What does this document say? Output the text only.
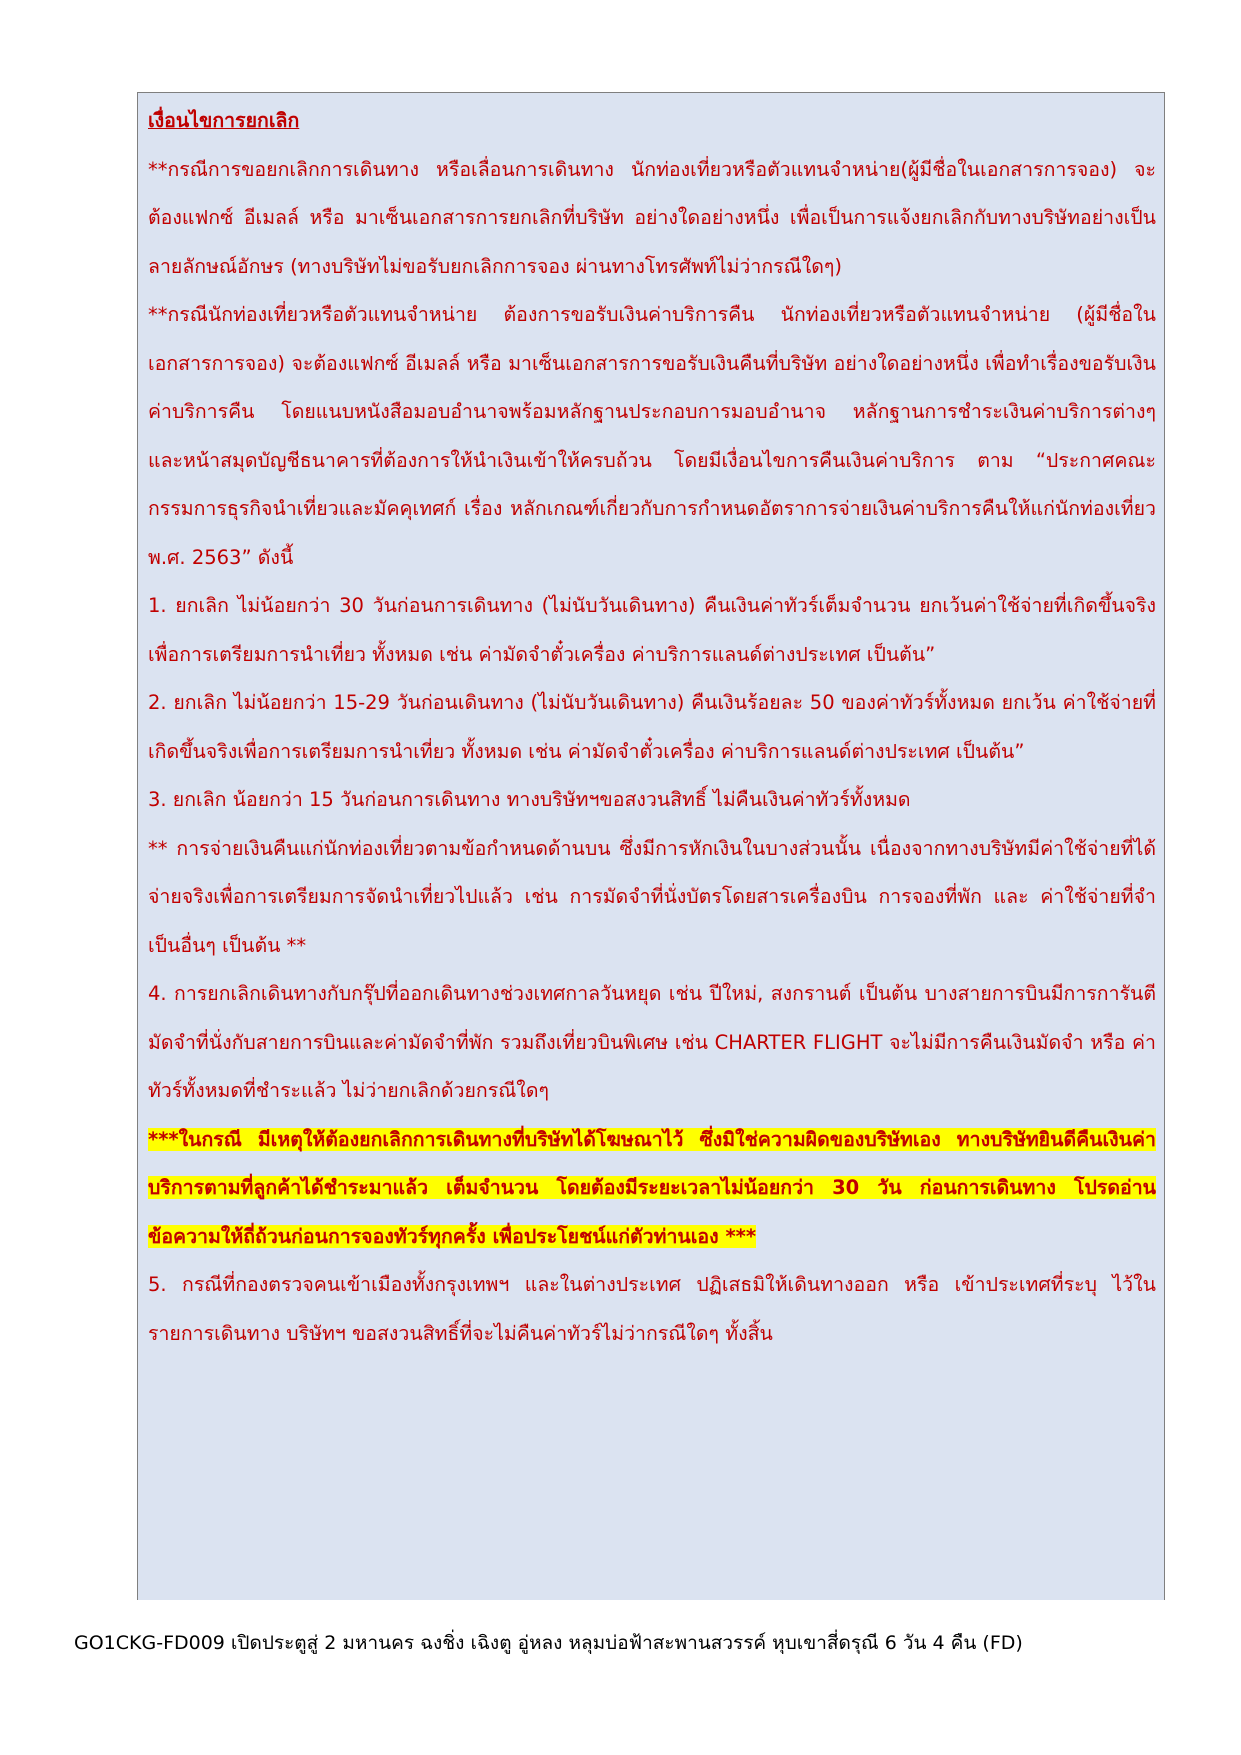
เงื่อนไขการยกเลิก

**กรณีการขอยกเลิกการเดินทาง หรือเลื่อนการเดินทาง นักท่องเที่ยวหรือตัวแทนจำหน่าย(ผู้มีชื่อในเอกสารการจอง) จะต้องแฟกซ์ อีเมลล์ หรือ มาเซ็นเอกสารการยกเลิกที่บริษัท อย่างใดอย่างหนึ่ง เพื่อเป็นการแจ้งยกเลิกกับทางบริษัทอย่างเป็นลายลักษณ์อักษร (ทางบริษัทไม่ขอรับยกเลิกการจอง ผ่านทางโทรศัพท์ไม่ว่ากรณีใดๆ)

**กรณีนักท่องเที่ยวหรือตัวแทนจำหน่าย ต้องการขอรับเงินค่าบริการคืน นักท่องเที่ยวหรือตัวแทนจำหน่าย (ผู้มีชื่อในเอกสารการจอง) จะต้องแฟกซ์ อีเมลล์ หรือ มาเซ็นเอกสารการขอรับเงินคืนที่บริษัท อย่างใดอย่างหนึ่ง เพื่อทำเรื่องขอรับเงินค่าบริการคืน โดยแนบหนังสือมอบอำนาจพร้อมหลักฐานประกอบการมอบอำนาจ หลักฐานการชำระเงินค่าบริการต่างๆ และหน้าสมุดบัญชีธนาคารที่ต้องการให้นำเงินเข้าให้ครบถ้วน โดยมีเงื่อนไขการคืนเงินค่าบริการ ตาม “ประกาศคณะกรรมการธุรกิจนำเที่ยวและมัคคุเทศก์ เรื่อง หลักเกณฑ์เกี่ยวกับการกำหนดอัตราการจ่ายเงินค่าบริการคืนให้แก่นักท่องเที่ยว พ.ศ. 2563” ดังนี้

1. ยกเลิก ไม่น้อยกว่า 30 วันก่อนการเดินทาง (ไม่นับวันเดินทาง) คืนเงินค่าทัวร์เต็มจำนวน ยกเว้นค่าใช้จ่ายที่เกิดขึ้นจริงเพื่อการเตรียมการนำเที่ยว ทั้งหมด เช่น ค่ามัดจำตั๋วเครื่อง ค่าบริการแลนด์ต่างประเทศ เป็นต้น”

2. ยกเลิก ไม่น้อยกว่า 15-29 วันก่อนเดินทาง (ไม่นับวันเดินทาง) คืนเงินร้อยละ 50 ของค่าทัวร์ทั้งหมด ยกเว้น ค่าใช้จ่ายที่เกิดขึ้นจริงเพื่อการเตรียมการนำเที่ยว ทั้งหมด เช่น ค่ามัดจำตั๋วเครื่อง ค่าบริการแลนด์ต่างประเทศ เป็นต้น”

3. ยกเลิก น้อยกว่า 15 วันก่อนการเดินทาง ทางบริษัทฯขอสงวนสิทธิ์ ไม่คืนเงินค่าทัวร์ทั้งหมด

** การจ่ายเงินคืนแก่นักท่องเที่ยวตามข้อกำหนดด้านบน ซึ่งมีการหักเงินในบางส่วนนั้น เนื่องจากทางบริษัทมีค่าใช้จ่ายที่ได้จ่ายจริงเพื่อการเตรียมการจัดนำเที่ยวไปแล้ว เช่น การมัดจำที่นั่งบัตรโดยสารเครื่องบิน การจองที่พัก และ ค่าใช้จ่ายที่จำเป็นอื่นๆ เป็นต้น **

4. การยกเลิกเดินทางกับกรุ๊ปที่ออกเดินทางช่วงเทศกาลวันหยุด เช่น ปีใหม่, สงกรานต์ เป็นต้น บางสายการบินมีการการันตีมัดจำที่นั่งกับสายการบินและค่ามัดจำที่พัก รวมถึงเที่ยวบินพิเศษ เช่น CHARTER FLIGHT จะไม่มีการคืนเงินมัดจำ หรือ ค่าทัวร์ทั้งหมดที่ชำระแล้ว ไม่ว่ายกเลิกด้วยกรณีใดๆ

***ในกรณี มีเหตุให้ต้องยกเลิกการเดินทางที่บริษัทได้โฆษณาไว้ ซึ่งมิใช่ความผิดของบริษัทเอง ทางบริษัทยินดีคืนเงินค่าบริการตามที่ลูกค้าได้ชำระมาแล้ว เต็มจำนวน โดยต้องมีระยะเวลาไม่น้อยกว่า 30 วัน ก่อนการเดินทาง โปรดอ่านข้อความให้ถี่ถ้วนก่อนการจองทัวร์ทุกครั้ง เพื่อประโยชน์แก่ตัวท่านเอง ***

5. กรณีที่กองตรวจคนเข้าเมืองทั้งกรุงเทพฯ และในต่างประเทศ ปฏิเสธมิให้เดินทางออก หรือ เข้าประเทศที่ระบุ ไว้ในรายการเดินทาง บริษัทฯ ขอสงวนสิทธิ์ที่จะไม่คืนค่าทัวร์ไม่ว่ากรณีใดๆ ทั้งสิ้น

GO1CKG-FD009 เปิดประตูสู่ 2 มหานคร ฉงชิ่ง เฉิงตู อู่หลง หลุมบ่อฟ้าสะพานสวรรค์ หุบเขาสี่ดรุณี 6 วัน 4 คืน (FD)
